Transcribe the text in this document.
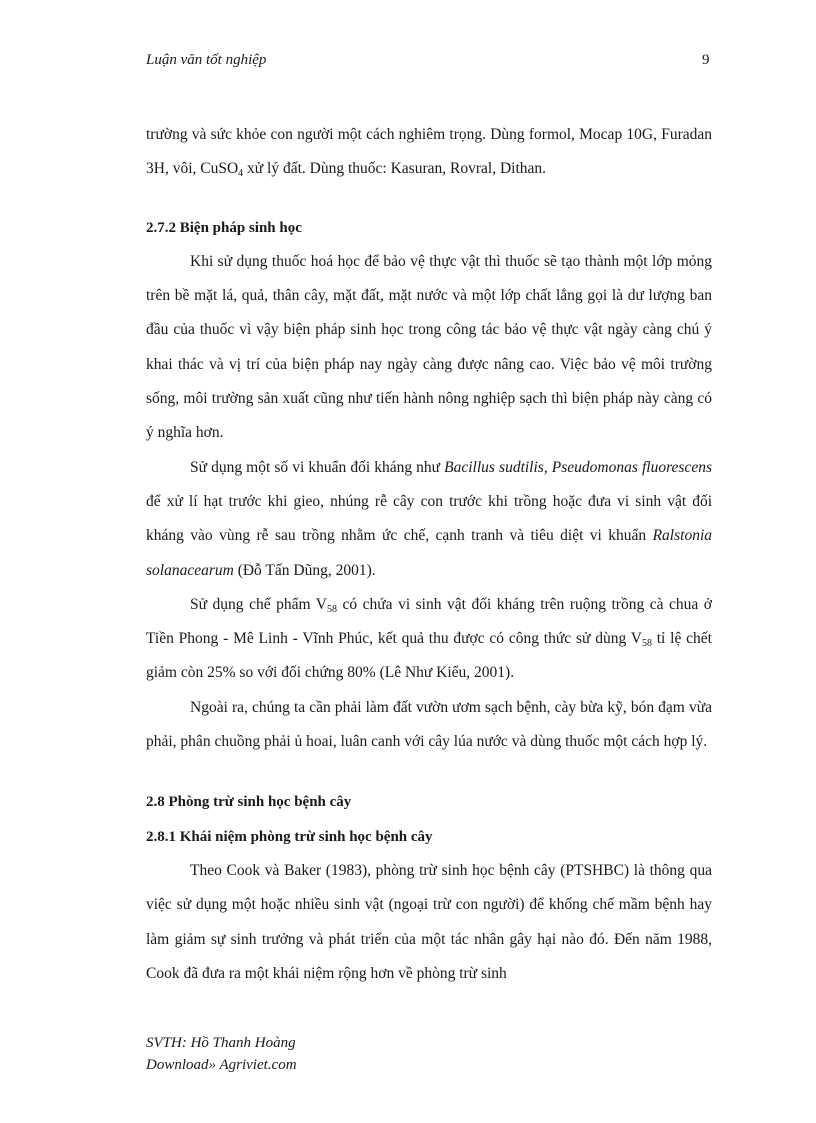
Luận văn tốt nghiệp	9

trường và sức khỏe con người một cách nghiêm trọng. Dùng formol, Mocap 10G, Furadan 3H, vôi, CuSO$_4$ xử lý đất. Dùng thuốc: Kasuran, Rovral, Dithan.

2.7.2 Biện pháp sinh học

Khi sử dụng thuốc hoá học để bảo vệ thực vật thì thuốc sẽ tạo thành một lớp mỏng trên bề mặt lá, quả, thân cây, mặt đất, mặt nước và một lớp chất lắng gọi là dư lượng ban đầu của thuốc vì vậy biện pháp sinh học trong công tác bảo vệ thực vật ngày càng chú ý khai thác và vị trí của biện pháp nay ngày càng được nâng cao. Việc bảo vệ môi trường sống, môi trường sản xuất cũng như tiến hành nông nghiệp sạch thì biện pháp này càng có ý nghĩa hơn.

Sử dụng một số vi khuẩn đối kháng như Bacillus sudtilis, Pseudomonas fluorescens để xử lí hạt trước khi gieo, nhúng rễ cây con trước khi trồng hoặc đưa vi sinh vật đối kháng vào vùng rễ sau trồng nhằm ức chế, cạnh tranh và tiêu diệt vi khuẩn Ralstonia solanacearum (Đỗ Tấn Dũng, 2001).

Sử dụng chế phẩm $V_{58}$ có chứa vi sinh vật đối kháng trên ruộng trồng cà chua ở Tiền Phong - Mê Linh - Vĩnh Phúc, kết quả thu được có công thức sử dùng $V_{58}$ tỉ lệ chết giảm còn 25% so với đối chứng 80% (Lê Như Kiểu, 2001).

Ngoài ra, chúng ta cần phải làm đất vườn ươm sạch bệnh, cày bừa kỹ, bón đạm vừa phải, phân chuồng phải ủ hoai, luân canh với cây lúa nước và dùng thuốc một cách hợp lý.

2.8 Phòng trừ sinh học bệnh cây
2.8.1 Khái niệm phòng trừ sinh học bệnh cây

Theo Cook và Baker (1983), phòng trừ sinh học bệnh cây (PTSHBC) là thông qua việc sử dụng một hoặc nhiều sinh vật (ngoại trừ con người) để khống chế mầm bệnh hay làm giảm sự sinh trưởng và phát triển của một tác nhân gây hại nào đó. Đến năm 1988, Cook đã đưa ra một khái niệm rộng hơn về phòng trừ sinh

SVTH: Hồ Thanh Hoàng
Download» Agriviet.com
